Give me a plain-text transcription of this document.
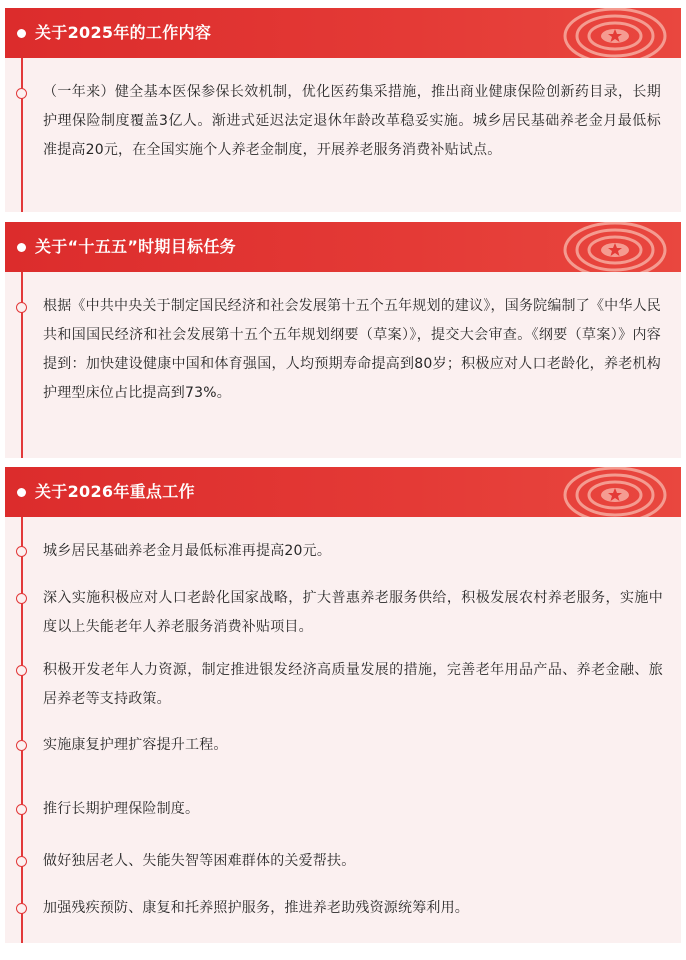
关于2025年的工作内容
（一年来）健全基本医保参保长效机制，优化医药集采措施，推出商业健康保险创新药目录，长期护理保险制度覆盖3亿人。渐进式延迟法定退休年龄改革稳妥实施。城乡居民基础养老金月最低标准提高20元，在全国实施个人养老金制度，开展养老服务消费补贴试点。
关于“十五五”时期目标任务
根据《中共中央关于制定国民经济和社会发展第十五个五年规划的建议》，国务院编制了《中华人民共和国国民经济和社会发展第十五个五年规划纲要（草案）》，提交大会审查。《纲要（草案）》内容提到：加快建设健康中国和体育强国，人均预期寿命提高到80岁；积极应对人口老龄化，养老机构护理型床位占比提高到73%。
关于2026年重点工作
城乡居民基础养老金月最低标准再提高20元。
深入实施积极应对人口老龄化国家战略，扩大普惠养老服务供给，积极发展农村养老服务，实施中度以上失能老年人养老服务消费补贴项目。
积极开发老年人力资源，制定推进银发经济高质量发展的措施，完善老年用品产品、养老金融、旅居养老等支持政策。
实施康复护理扩容提升工程。
推行长期护理保险制度。
做好独居老人、失能失智等困难群体的关爱帮扶。
加强残疾预防、康复和托养照护服务，推进养老助残资源统筹利用。
